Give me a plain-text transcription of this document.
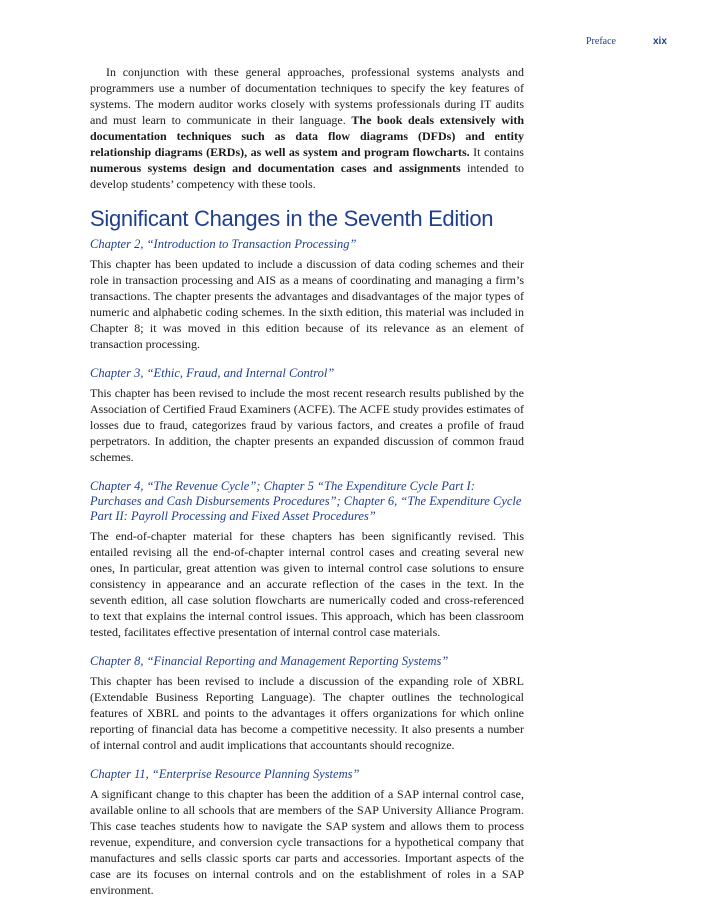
Preface	xix

In conjunction with these general approaches, professional systems analysts and programmers use a number of documentation techniques to specify the key features of systems. The modern auditor works closely with systems professionals during IT audits and must learn to communicate in their language. The book deals extensively with documentation techniques such as data flow diagrams (DFDs) and entity relationship diagrams (ERDs), as well as system and program flowcharts. It contains numerous systems design and documentation cases and assignments intended to develop students’ competency with these tools.

Significant Changes in the Seventh Edition
Chapter 2, “Introduction to Transaction Processing”

This chapter has been updated to include a discussion of data coding schemes and their role in transaction processing and AIS as a means of coordinating and managing a firm’s transactions. The chapter presents the advantages and disadvantages of the major types of numeric and alphabetic coding schemes. In the sixth edition, this material was included in Chapter 8; it was moved in this edition because of its relevance as an element of transaction processing.

Chapter 3, “Ethic, Fraud, and Internal Control”

This chapter has been revised to include the most recent research results published by the Association of Certified Fraud Examiners (ACFE). The ACFE study provides estimates of losses due to fraud, categorizes fraud by various factors, and creates a profile of fraud perpetrators. In addition, the chapter presents an expanded discussion of common fraud schemes.

Chapter 4, “The Revenue Cycle”; Chapter 5 “The Expenditure Cycle Part I: Purchases and Cash Disbursements Procedures”; Chapter 6, “The Expenditure Cycle Part II: Payroll Processing and Fixed Asset Procedures”

The end-of-chapter material for these chapters has been significantly revised. This entailed revising all the end-of-chapter internal control cases and creating several new ones, In particular, great attention was given to internal control case solutions to ensure consistency in appearance and an accurate reflection of the cases in the text. In the seventh edition, all case solution flowcharts are numerically coded and cross-referenced to text that explains the internal control issues. This approach, which has been classroom tested, facilitates effective presentation of internal control case materials.

Chapter 8, “Financial Reporting and Management Reporting Systems”

This chapter has been revised to include a discussion of the expanding role of XBRL (Extendable Business Reporting Language). The chapter outlines the technological features of XBRL and points to the advantages it offers organizations for which online reporting of financial data has become a competitive necessity. It also presents a number of internal control and audit implications that accountants should recognize.

Chapter 11, “Enterprise Resource Planning Systems”

A significant change to this chapter has been the addition of a SAP internal control case, available online to all schools that are members of the SAP University Alliance Program. This case teaches students how to navigate the SAP system and allows them to process revenue, expenditure, and conversion cycle transactions for a hypothetical company that manufactures and sells classic sports car parts and accessories. Important aspects of the case are its focuses on internal controls and on the establishment of roles in a SAP environment.
